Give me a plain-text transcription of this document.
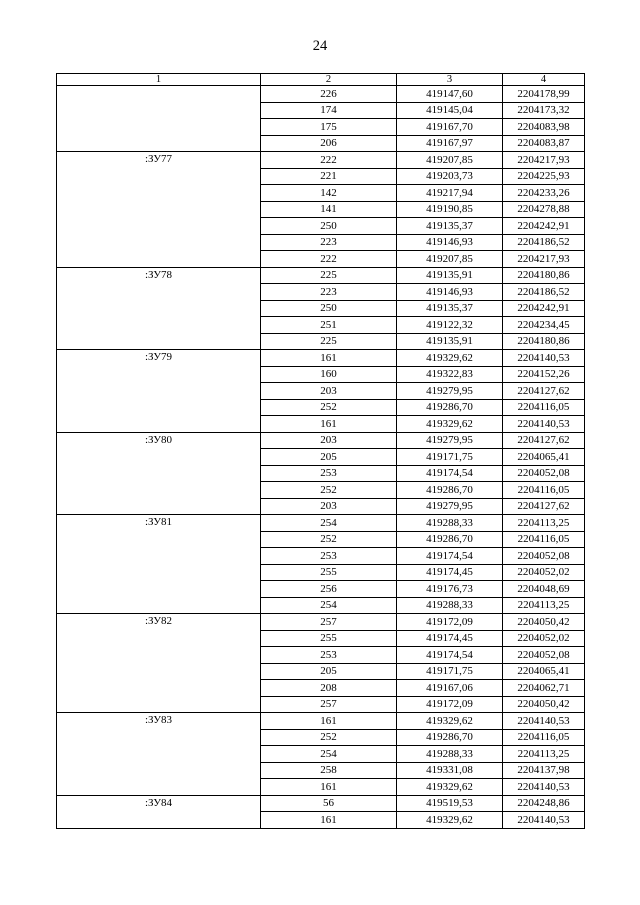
24
1	2	3	4
	226	419147,60	2204178,99
	174	419145,04	2204173,32
	175	419167,70	2204083,98
	206	419167,97	2204083,87
:ЗУ77	222	419207,85	2204217,93
	221	419203,73	2204225,93
	142	419217,94	2204233,26
	141	419190,85	2204278,88
	250	419135,37	2204242,91
	223	419146,93	2204186,52
	222	419207,85	2204217,93
:ЗУ78	225	419135,91	2204180,86
	223	419146,93	2204186,52
	250	419135,37	2204242,91
	251	419122,32	2204234,45
	225	419135,91	2204180,86
:ЗУ79	161	419329,62	2204140,53
	160	419322,83	2204152,26
	203	419279,95	2204127,62
	252	419286,70	2204116,05
	161	419329,62	2204140,53
:ЗУ80	203	419279,95	2204127,62
	205	419171,75	2204065,41
	253	419174,54	2204052,08
	252	419286,70	2204116,05
	203	419279,95	2204127,62
:ЗУ81	254	419288,33	2204113,25
	252	419286,70	2204116,05
	253	419174,54	2204052,08
	255	419174,45	2204052,02
	256	419176,73	2204048,69
	254	419288,33	2204113,25
:ЗУ82	257	419172,09	2204050,42
	255	419174,45	2204052,02
	253	419174,54	2204052,08
	205	419171,75	2204065,41
	208	419167,06	2204062,71
	257	419172,09	2204050,42
:ЗУ83	161	419329,62	2204140,53
	252	419286,70	2204116,05
	254	419288,33	2204113,25
	258	419331,08	2204137,98
	161	419329,62	2204140,53
:ЗУ84	56	419519,53	2204248,86
	161	419329,62	2204140,53
